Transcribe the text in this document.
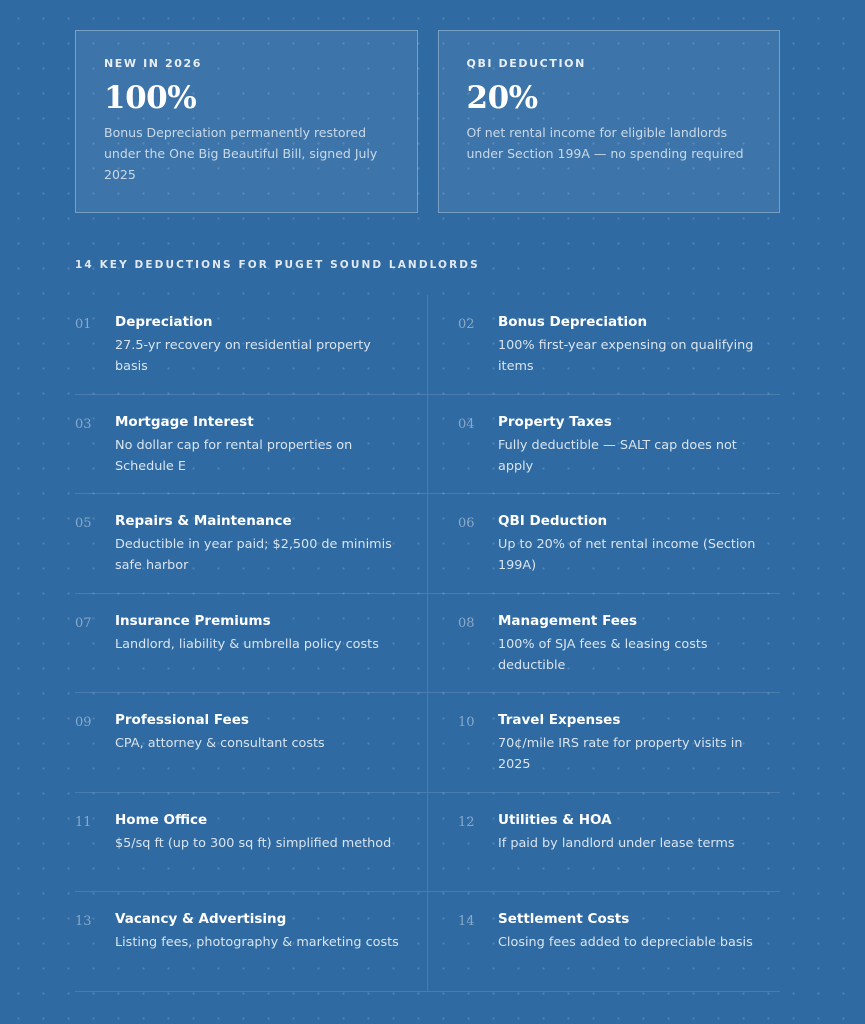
NEW IN 2026
100%
Bonus Depreciation permanently restored under the One Big Beautiful Bill, signed July 2025
QBI DEDUCTION
20%
Of net rental income for eligible landlords under Section 199A — no spending required
14 KEY DEDUCTIONS FOR PUGET SOUND LANDLORDS
01	Depreciation
27.5-yr recovery on residential property basis
02	Bonus Depreciation
100% first-year expensing on qualifying items
03	Mortgage Interest
No dollar cap for rental properties on Schedule E
04	Property Taxes
Fully deductible — SALT cap does not apply
05	Repairs & Maintenance
Deductible in year paid; $2,500 de minimis safe harbor
06	QBI Deduction
Up to 20% of net rental income (Section 199A)
07	Insurance Premiums
Landlord, liability & umbrella policy costs
08	Management Fees
100% of SJA fees & leasing costs deductible
09	Professional Fees
CPA, attorney & consultant costs
10	Travel Expenses
70¢/mile IRS rate for property visits in 2025
11	Home Office
$5/sq ft (up to 300 sq ft) simplified method
12	Utilities & HOA
If paid by landlord under lease terms
13	Vacancy & Advertising
Listing fees, photography & marketing costs
14	Settlement Costs
Closing fees added to depreciable basis
